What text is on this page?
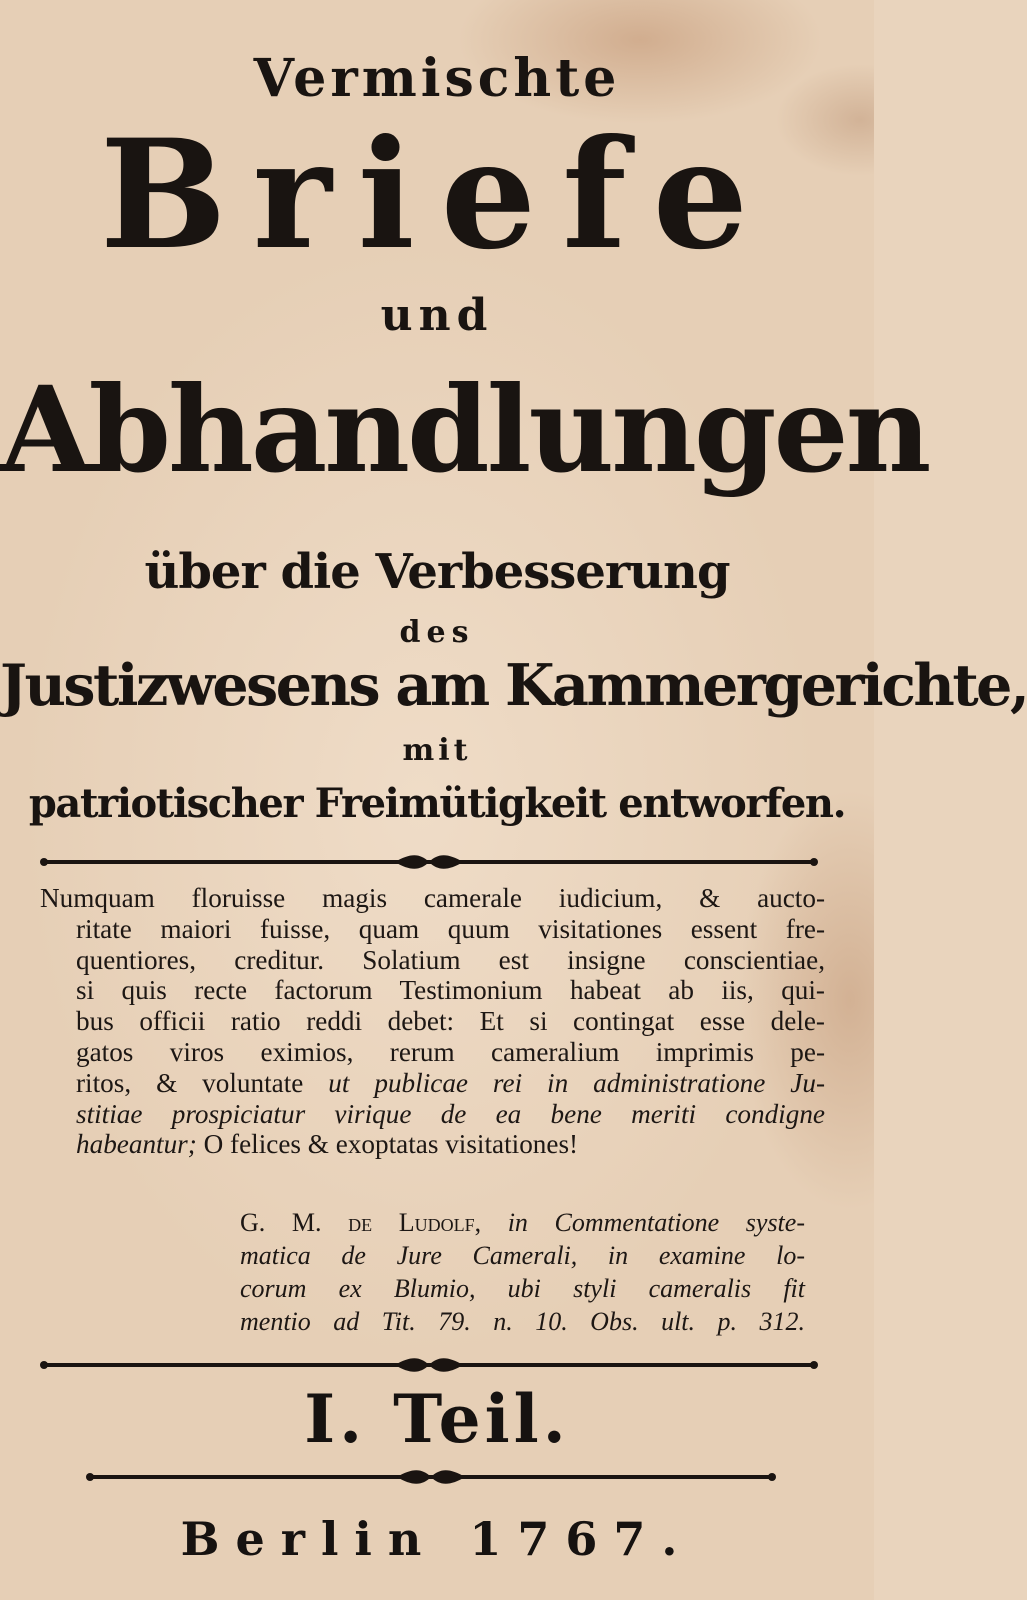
Vermischte
Briefe
und
Abhandlungen
über die Verbesserung
des
Justizwesens am Kammergerichte,
mit
patriotischer Freimütigkeit entworfen.
Numquam floruisse magis camerale iudicium, & aucto-
ritate maiori fuisse, quam quum visitationes essent fre-
quentiores, creditur. Solatium est insigne conscientiae,
si quis recte factorum Testimonium habeat ab iis, qui-
bus officii ratio reddi debet: Et si contingat esse dele-
gatos viros eximios, rerum cameralium imprimis pe-
ritos, & voluntate ut publicae rei in administratione Ju-
stitiae prospiciatur virique de ea bene meriti condigne
habeantur; O felices & exoptatas visitationes!
G. M. de Ludolf, in Commentatione syste-
matica de Jure Camerali, in examine lo-
corum ex Blumio, ubi styli cameralis fit
mentio ad Tit. 79. n. 10. Obs. ult. p. 312.
I. Teil.
Berlin 1767.
